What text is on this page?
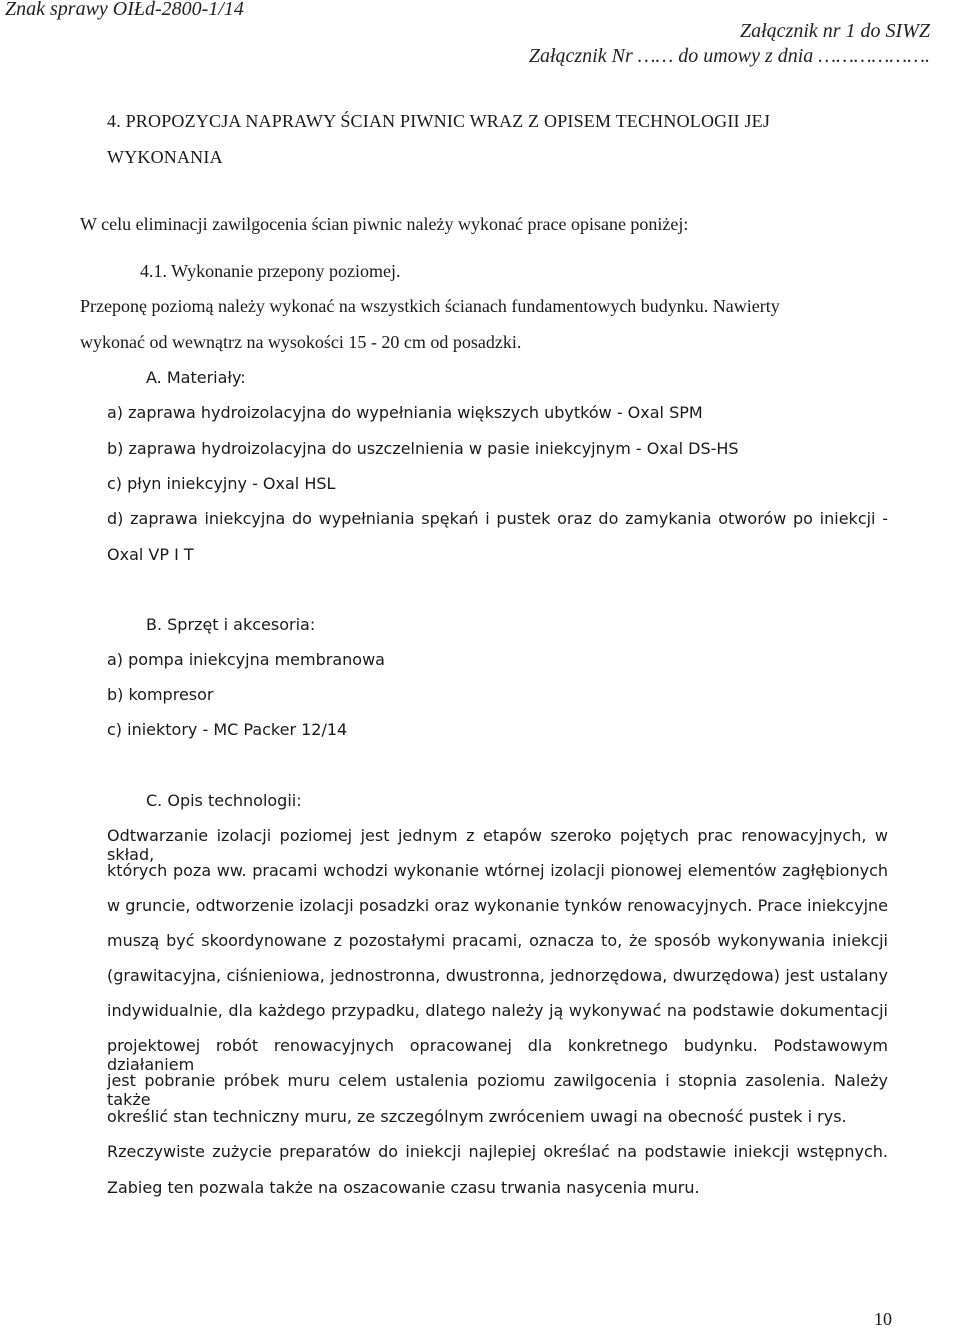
Znak sprawy OIŁd-2800-1/14
Załącznik nr 1 do SIWZ
Załącznik Nr …… do umowy z dnia ……………….
4. PROPOZYCJA NAPRAWY ŚCIAN PIWNIC WRAZ Z OPISEM TECHNOLOGII JEJ
WYKONANIA
W celu eliminacji zawilgocenia ścian piwnic należy wykonać prace opisane poniżej:
4.1. Wykonanie przepony poziomej.
Przeponę poziomą należy wykonać na wszystkich ścianach fundamentowych budynku. Nawierty
wykonać od wewnątrz na wysokości 15 - 20 cm od posadzki.
A. Materiały:
a) zaprawa hydroizolacyjna do wypełniania większych ubytków - Oxal SPM
b) zaprawa hydroizolacyjna do uszczelnienia w pasie iniekcyjnym - Oxal DS-HS
c) płyn iniekcyjny - Oxal HSL
d) zaprawa iniekcyjna do wypełniania spękań i pustek oraz do zamykania otworów po iniekcji -
Oxal VP I T
B. Sprzęt i akcesoria:
a) pompa iniekcyjna membranowa
b) kompresor
c) iniektory - MC Packer 12/14
C. Opis technologii:
Odtwarzanie izolacji poziomej jest jednym z etapów szeroko pojętych prac renowacyjnych, w skład,
których poza ww. pracami wchodzi wykonanie wtórnej izolacji pionowej elementów zagłębionych
w gruncie, odtworzenie izolacji posadzki oraz wykonanie tynków renowacyjnych. Prace iniekcyjne
muszą być skoordynowane z pozostałymi pracami, oznacza to, że sposób wykonywania iniekcji
(grawitacyjna, ciśnieniowa, jednostronna, dwustronna, jednorzędowa, dwurzędowa) jest ustalany
indywidualnie, dla każdego przypadku, dlatego należy ją wykonywać na podstawie dokumentacji
projektowej robót renowacyjnych opracowanej dla konkretnego budynku. Podstawowym działaniem
jest pobranie próbek muru celem ustalenia poziomu zawilgocenia i stopnia zasolenia. Należy także
określić stan techniczny muru, ze szczególnym zwróceniem uwagi na obecność pustek i rys.
Rzeczywiste zużycie preparatów do iniekcji najlepiej określać na podstawie iniekcji wstępnych.
Zabieg ten pozwala także na oszacowanie czasu trwania nasycenia muru.
10
